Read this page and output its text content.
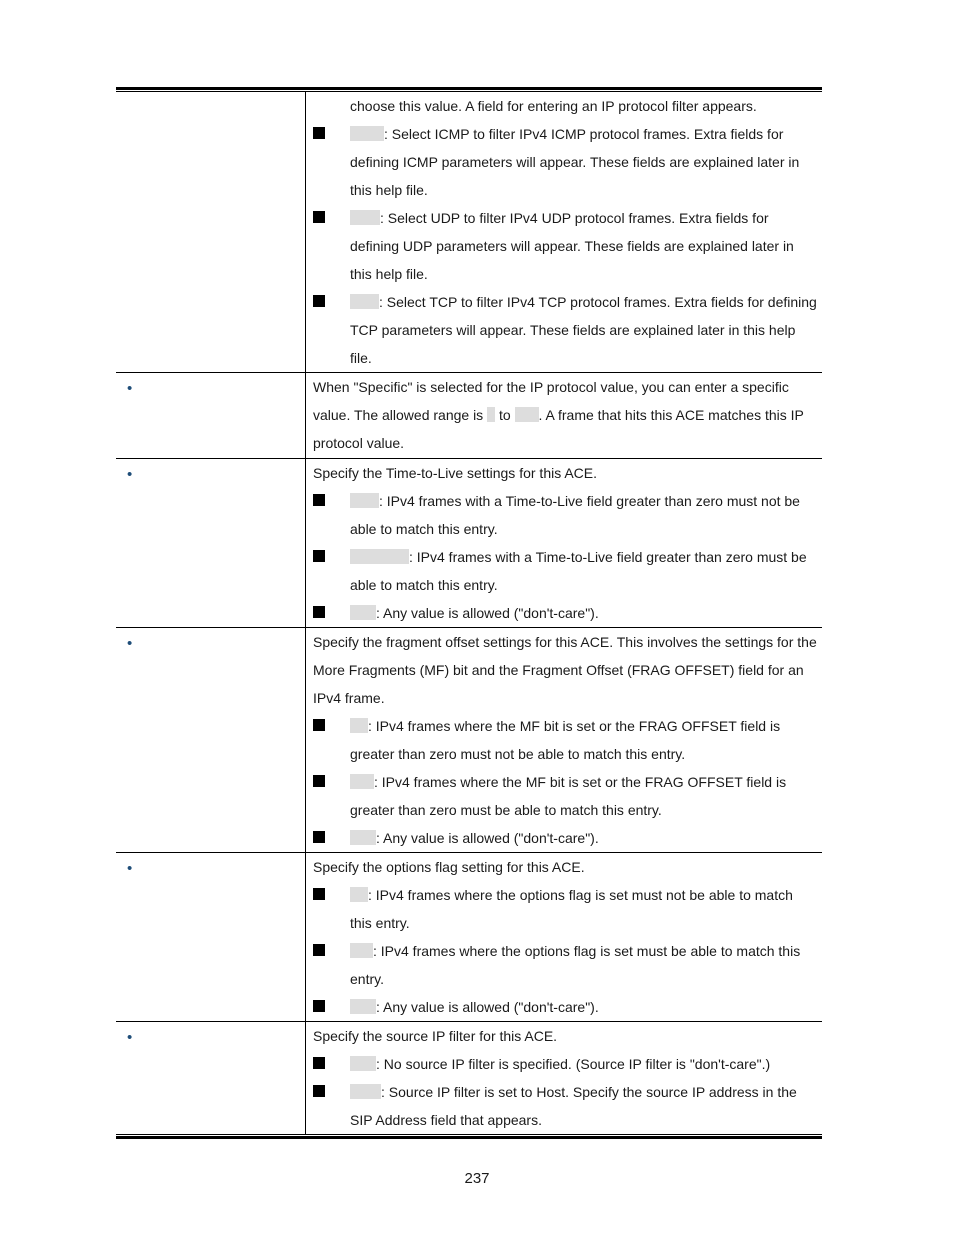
choose this value. A field for entering an IP protocol filter appears.
: Select ICMP to filter IPv4 ICMP protocol frames. Extra fields for
defining ICMP parameters will appear. These fields are explained later in
this help file.
: Select UDP to filter IPv4 UDP protocol frames. Extra fields for
defining UDP parameters will appear. These fields are explained later in
this help file.
: Select TCP to filter IPv4 TCP protocol frames. Extra fields for defining
TCP parameters will appear. These fields are explained later in this help
file.
•	When "Specific" is selected for the IP protocol value, you can enter a specific
value. The allowed range is to . A frame that hits this ACE matches this IP
protocol value.
•	Specify the Time-to-Live settings for this ACE.
: IPv4 frames with a Time-to-Live field greater than zero must not be
able to match this entry.
: IPv4 frames with a Time-to-Live field greater than zero must be
able to match this entry.
: Any value is allowed ("don't-care").
•	Specify the fragment offset settings for this ACE. This involves the settings for the
More Fragments (MF) bit and the Fragment Offset (FRAG OFFSET) field for an
IPv4 frame.
: IPv4 frames where the MF bit is set or the FRAG OFFSET field is
greater than zero must not be able to match this entry.
: IPv4 frames where the MF bit is set or the FRAG OFFSET field is
greater than zero must be able to match this entry.
: Any value is allowed ("don't-care").
•	Specify the options flag setting for this ACE.
: IPv4 frames where the options flag is set must not be able to match
this entry.
: IPv4 frames where the options flag is set must be able to match this
entry.
: Any value is allowed ("don't-care").
•	Specify the source IP filter for this ACE.
: No source IP filter is specified. (Source IP filter is "don't-care".)
: Source IP filter is set to Host. Specify the source IP address in the
SIP Address field that appears.
237
